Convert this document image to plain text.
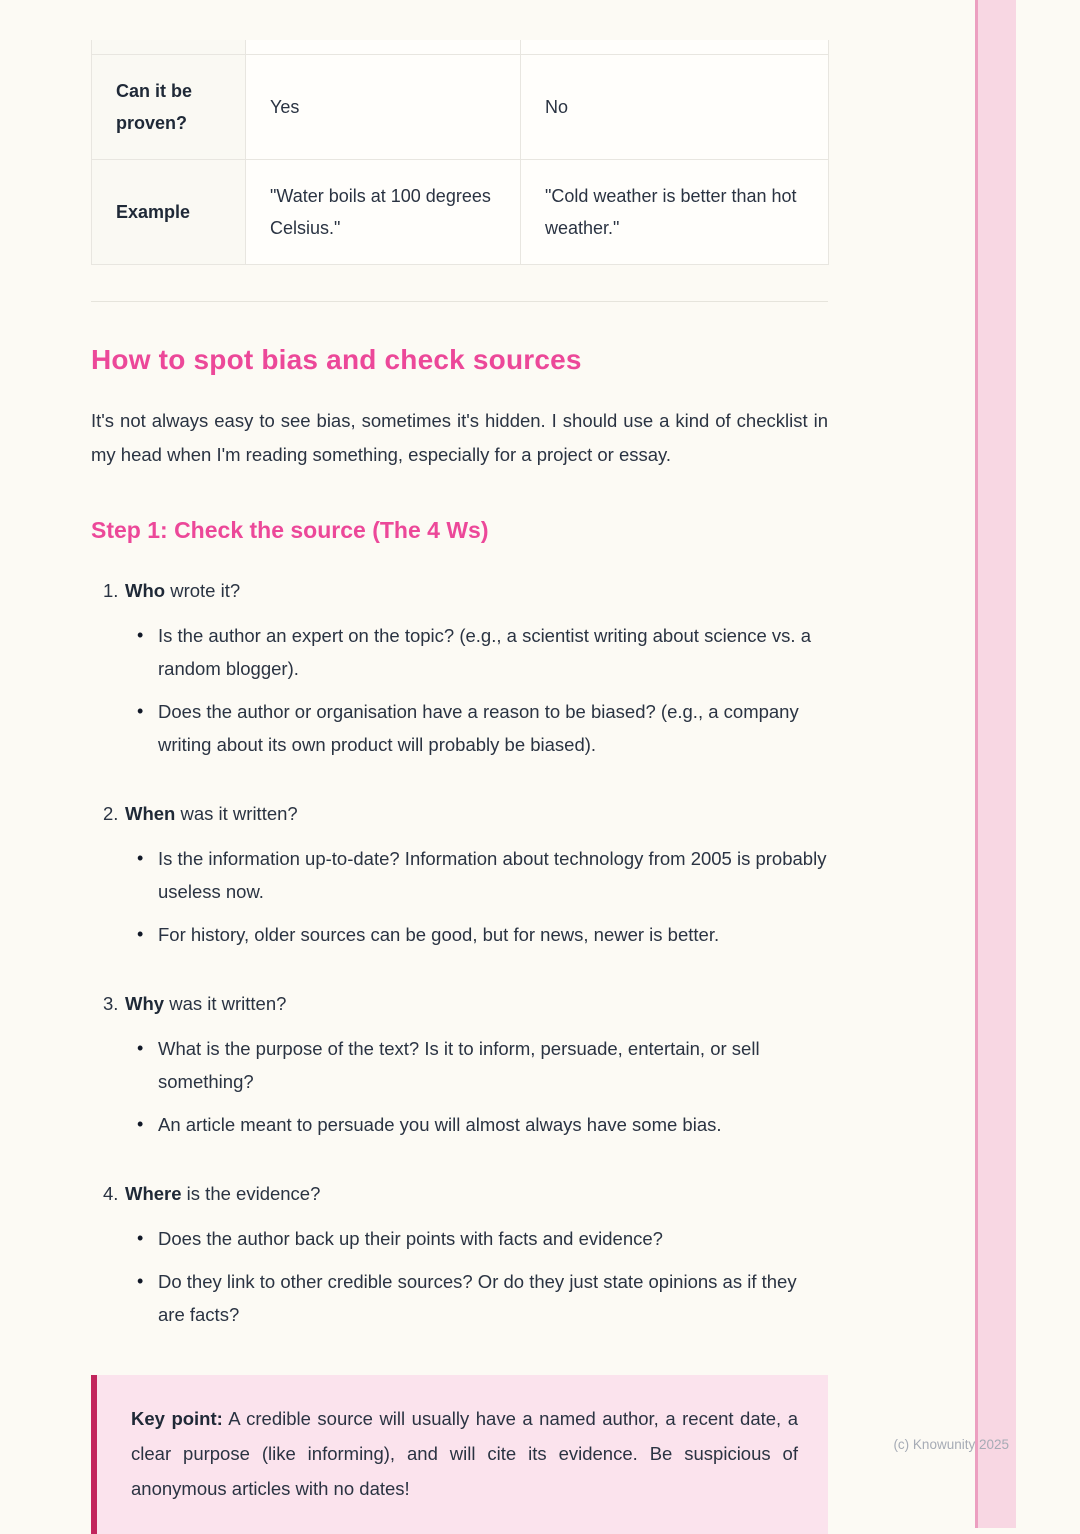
Can it be proven?	Yes	No
Example	"Water boils at 100 degrees Celsius."	"Cold weather is better than hot weather."
How to spot bias and check sources

It's not always easy to see bias, sometimes it's hidden. I should use a kind of checklist in my head when I'm reading something, especially for a project or essay.

Step 1: Check the source (The 4 Ws)
1. Who wrote it?
• Is the author an expert on the topic? (e.g., a scientist writing about science vs. a random blogger).
• Does the author or organisation have a reason to be biased? (e.g., a company writing about its own product will probably be biased).
2. When was it written?
• Is the information up-to-date? Information about technology from 2005 is probably useless now.
• For history, older sources can be good, but for news, newer is better.
3. Why was it written?
• What is the purpose of the text? Is it to inform, persuade, entertain, or sell something?
• An article meant to persuade you will almost always have some bias.
4. Where is the evidence?
• Does the author back up their points with facts and evidence?
• Do they link to other credible sources? Or do they just state opinions as if they are facts?

Key point: A credible source will usually have a named author, a recent date, a clear purpose (like informing), and will cite its evidence. Be suspicious of anonymous articles with no dates!

(c) Knowunity 2025
